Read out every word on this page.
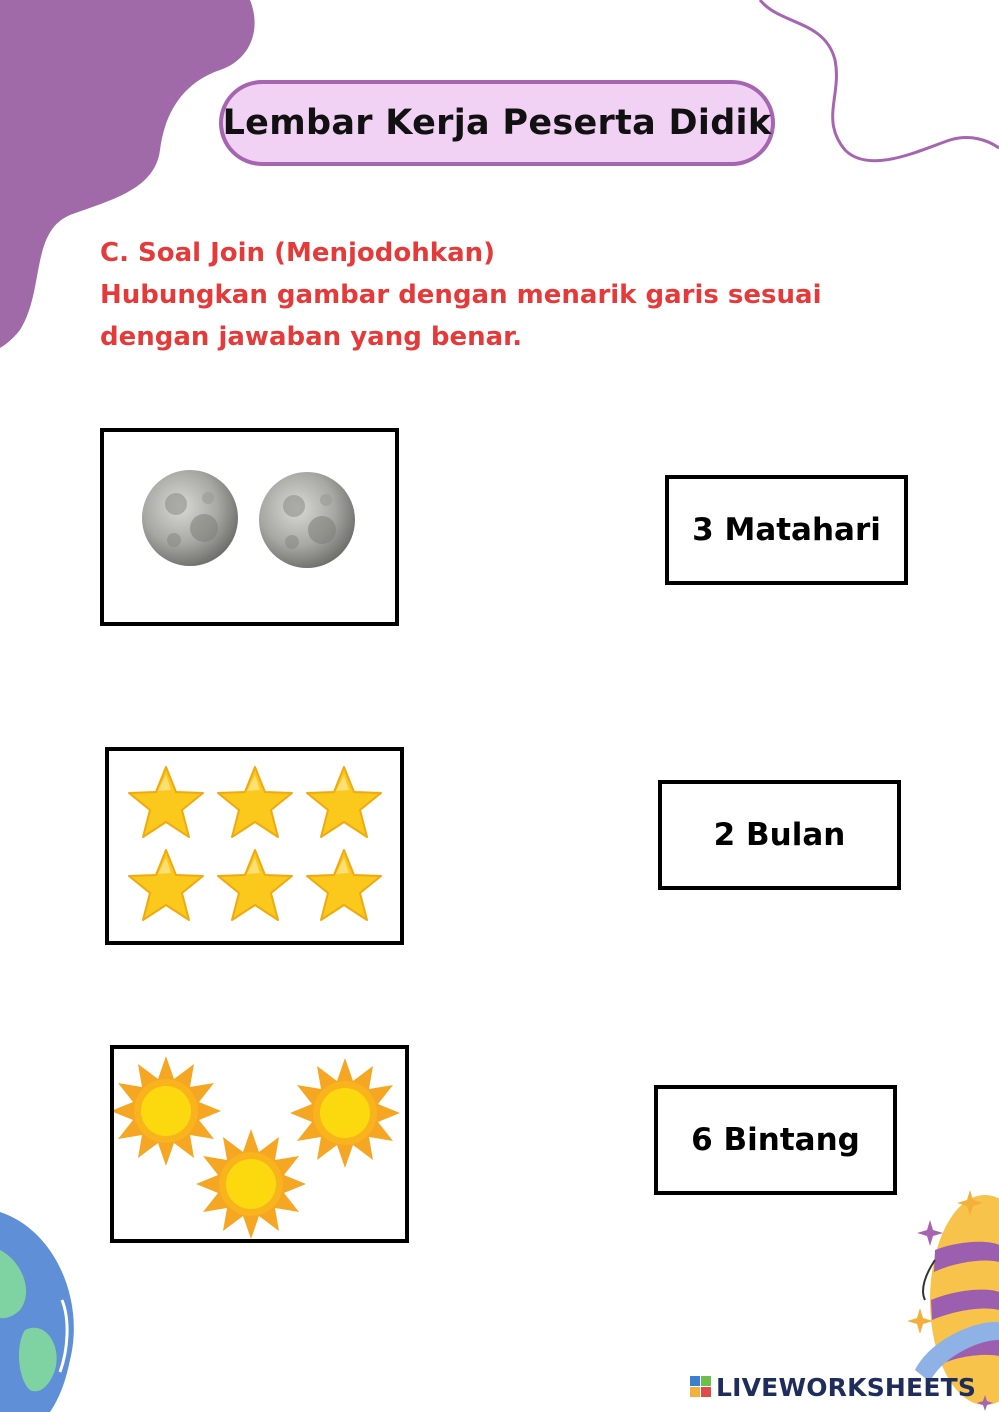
Lembar Kerja Peserta Didik
C. Soal Join (Menjodohkan)
Hubungkan gambar dengan menarik garis sesuai
dengan jawaban yang benar.
3 Matahari
2 Bulan
6 Bintang
LIVEWORKSHEETS
